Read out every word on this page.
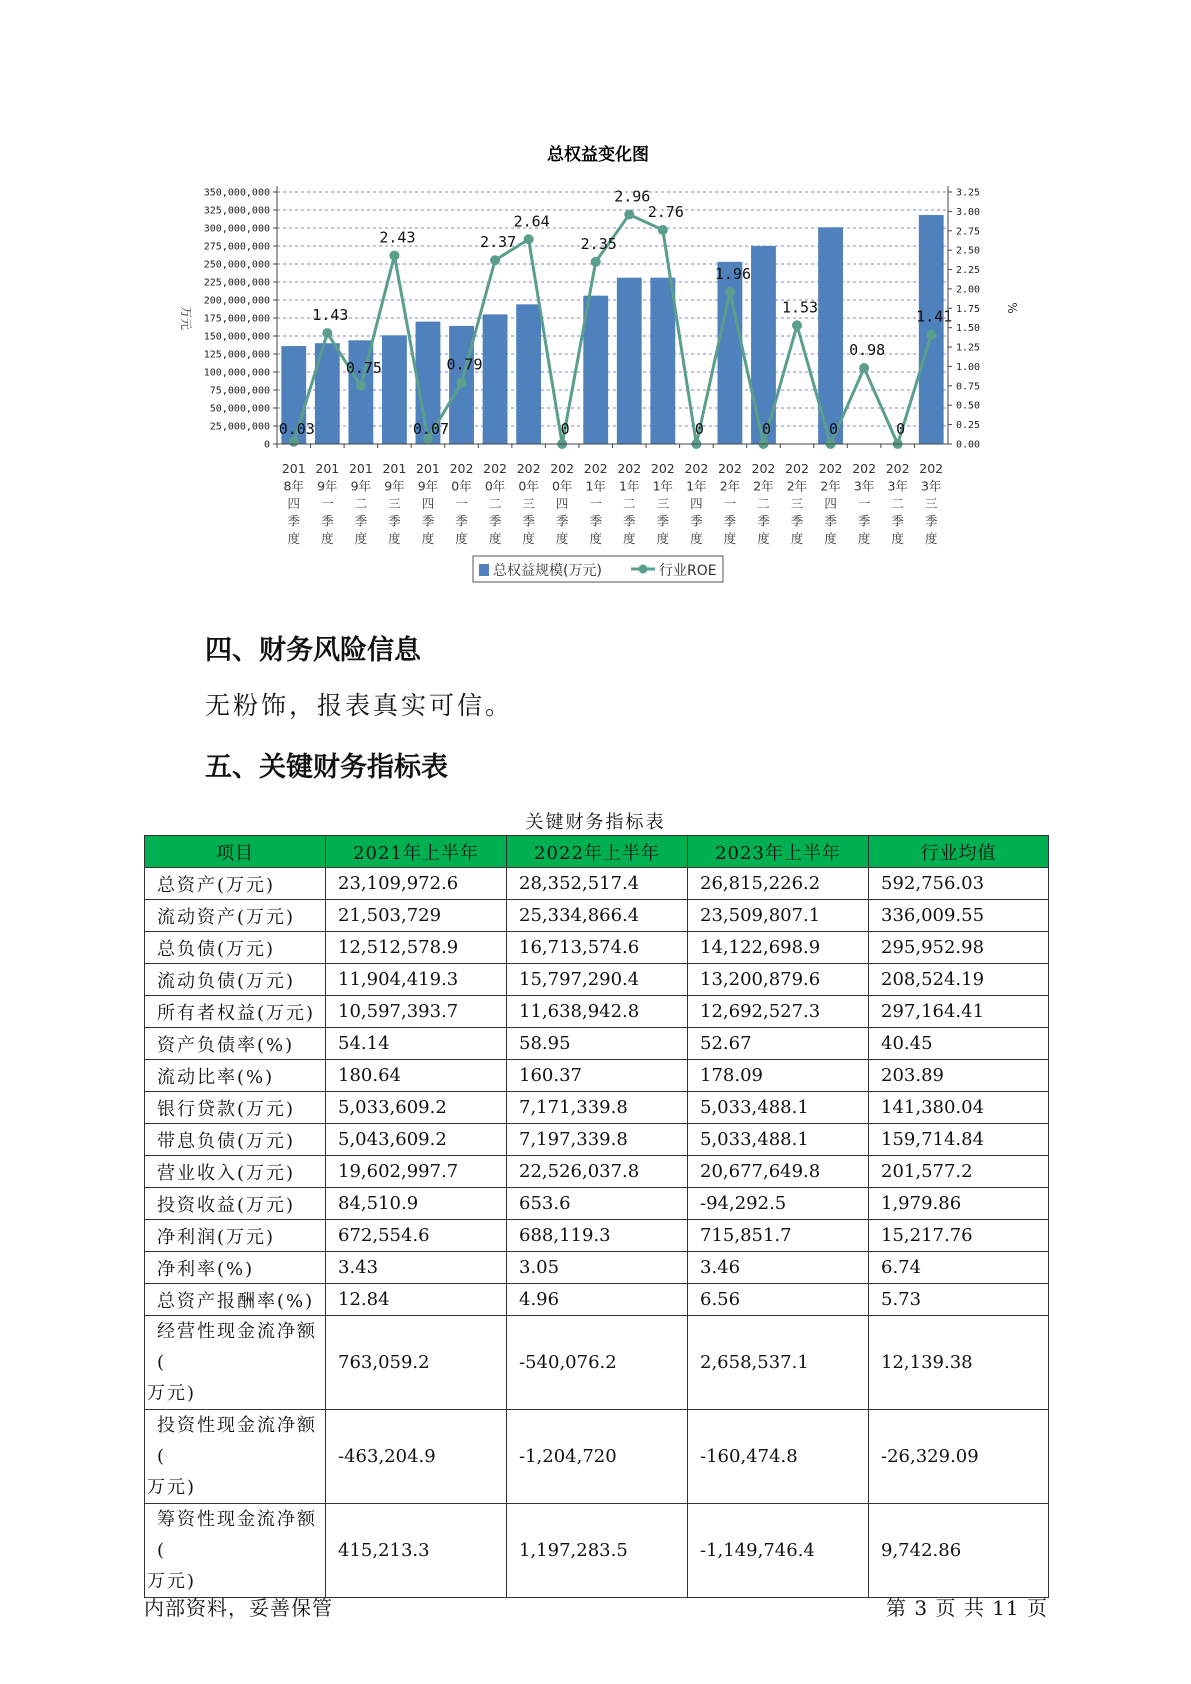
总权益变化图
0.03
1.43
0.75
2.43
0.07
0.79
2.37
2.64
0
2.35
2.96
2.76
0
1.96
0
1.53
0
0.98
0
1.41
0
25,000,000
50,000,000
75,000,000
100,000,000
125,000,000
150,000,000
175,000,000
200,000,000
225,000,000
250,000,000
275,000,000
300,000,000
325,000,000
350,000,000
0.00
0.25
0.50
0.75
1.00
1.25
1.50
1.75
2.00
2.25
2.50
2.75
3.00
3.25
万元	%
201
8年
四
季
度
201
9年
一
季
度
201
9年
二
季
度
201
9年
三
季
度
201
9年
四
季
度
202
0年
一
季
度
202
0年
二
季
度
202
0年
三
季
度
202
0年
四
季
度
202
1年
一
季
度
202
1年
二
季
度
202
1年
三
季
度
202
1年
四
季
度
202
2年
一
季
度
202
2年
二
季
度
202
2年
三
季
度
202
2年
四
季
度
202
3年
一
季
度
202
3年
二
季
度
202
3年
三
季
度
总权益规模(万元)	行业ROE
四、财务风险信息

无粉饰，报表真实可信。

五、关键财务指标表
关键财务指标表
项目	2021年上半年	2022年上半年	2023年上半年	行业均值
总资产(万元)	23,109,972.6	28,352,517.4	26,815,226.2	592,756.03
流动资产(万元)	21,503,729	25,334,866.4	23,509,807.1	336,009.55
总负债(万元)	12,512,578.9	16,713,574.6	14,122,698.9	295,952.98
流动负债(万元)	11,904,419.3	15,797,290.4	13,200,879.6	208,524.19
所有者权益(万元)	10,597,393.7	11,638,942.8	12,692,527.3	297,164.41
资产负债率(%)	54.14	58.95	52.67	40.45
流动比率(%)	180.64	160.37	178.09	203.89
银行贷款(万元)	5,033,609.2	7,171,339.8	5,033,488.1	141,380.04
带息负债(万元)	5,043,609.2	7,197,339.8	5,033,488.1	159,714.84
营业收入(万元)	19,602,997.7	22,526,037.8	20,677,649.8	201,577.2
投资收益(万元)	84,510.9	653.6	-94,292.5	1,979.86
净利润(万元)	672,554.6	688,119.3	715,851.7	15,217.76
净利率(%)	3.43	3.05	3.46	6.74
总资产报酬率(%)	12.84	4.96	6.56	5.73

经营性现金流净额(
万元)	763,059.2	-540,076.2	2,658,537.1	12,139.38

投资性现金流净额(
万元)	-463,204.9	-1,204,720	-160,474.8	-26,329.09

筹资性现金流净额(
万元)	415,213.3	1,197,283.5	-1,149,746.4	9,742.86
内部资料，妥善保管	第 3 页 共 11 页
